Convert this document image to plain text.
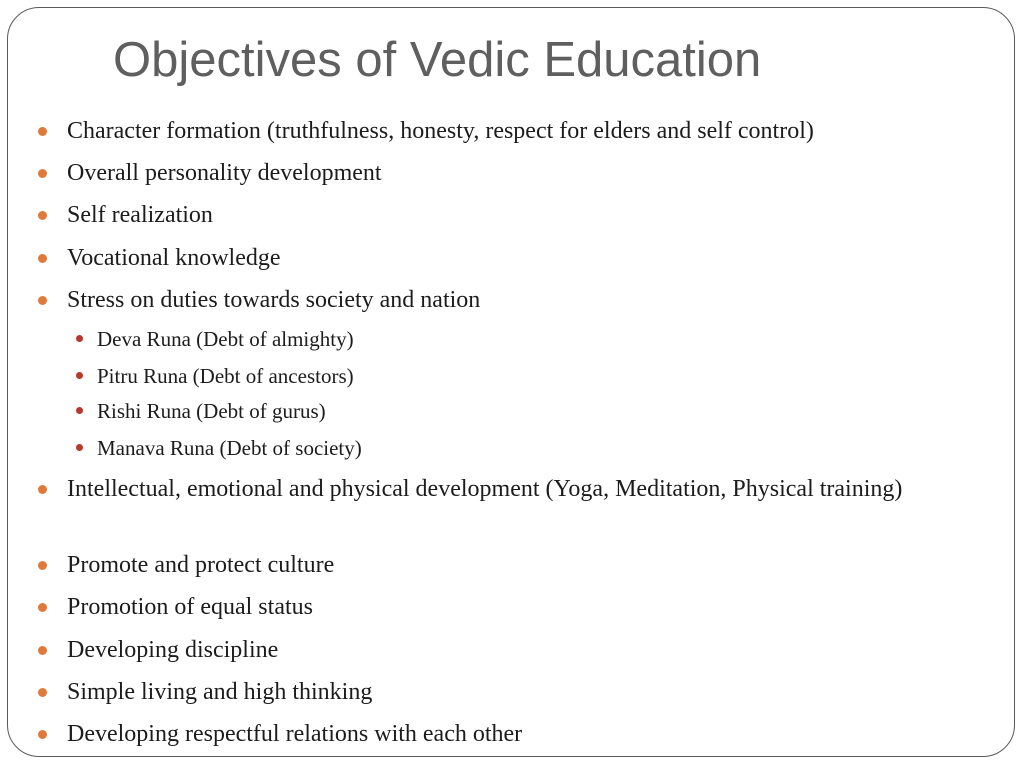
Objectives of Vedic Education
Character formation (truthfulness, honesty, respect for elders and self control)
Overall personality development
Self realization
Vocational knowledge
Stress on duties towards society and nation
Deva Runa (Debt of almighty)
Pitru Runa (Debt of ancestors)
Rishi Runa (Debt of gurus)
Manava Runa (Debt of society)
Intellectual, emotional and physical development (Yoga, Meditation, Physical training)
Promote and protect culture
Promotion of equal status
Developing discipline
Simple living and high thinking
Developing respectful relations with each other
